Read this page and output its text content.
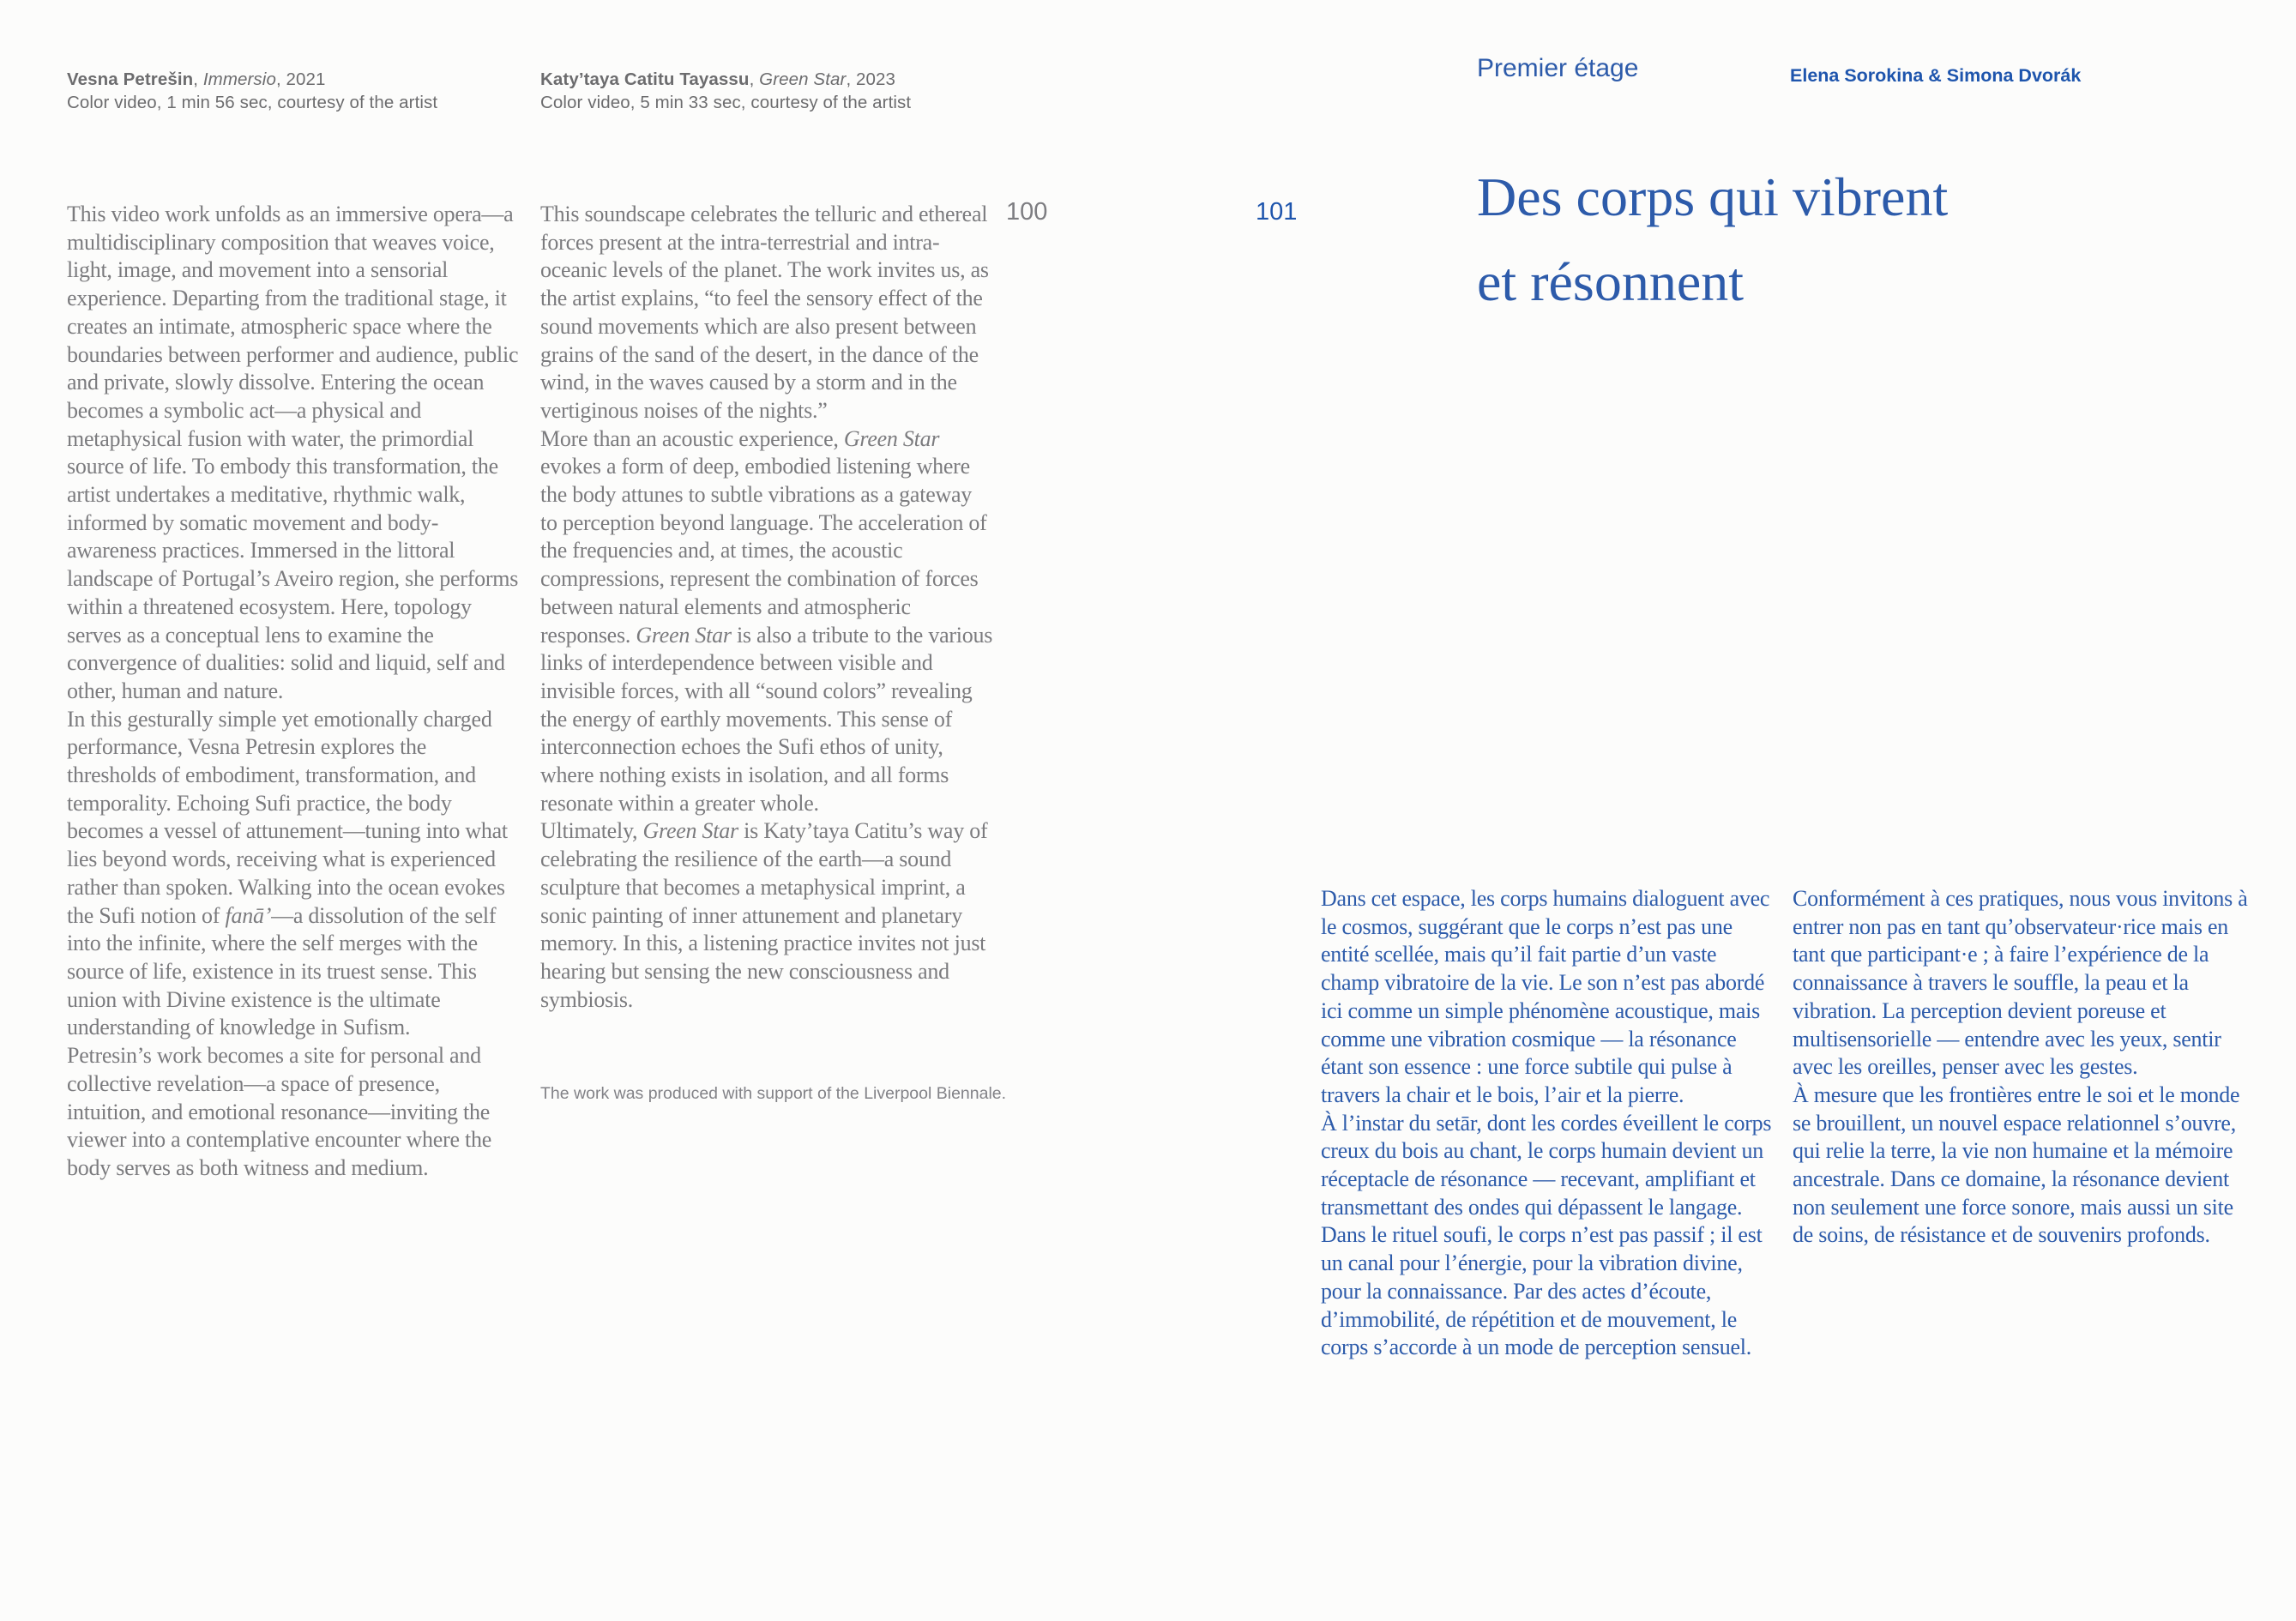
Vesna Petrešin, Immersio, 2021
Color video, 1 min 56 sec, courtesy of the artist
Katy’taya Catitu Tayassu, Green Star, 2023
Color video, 5 min 33 sec, courtesy of the artist
Premier étage	Elena Sorokina & Simona Dvorák
100	101	Des corps qui vibrent

et résonnent

This video work unfolds as an immersive opera—a multidisciplinary composition that weaves voice, light, image, and movement into a sensorial experience. Departing from the traditional stage, it creates an intimate, atmospheric space where the boundaries between performer and audience, public and private, slowly dissolve. Entering the ocean becomes a symbolic act—a physical and metaphysical fusion with water, the primordial source of life. To embody this transformation, the artist undertakes a meditative, rhythmic walk, informed by somatic movement and body-awareness practices. Immersed in the littoral landscape of Portugal’s Aveiro region, she performs within a threatened ecosystem. Here, topology serves as a conceptual lens to examine the convergence of dualities: solid and liquid, self and other, human and nature.

In this gesturally simple yet emotionally charged performance, Vesna Petresin explores the thresholds of embodiment, transformation, and temporality. Echoing Sufi practice, the body becomes a vessel of attunement—tuning into what lies beyond words, receiving what is experienced rather than spoken. Walking into the ocean evokes the Sufi notion of fanā’—a dissolution of the self into the infinite, where the self merges with the source of life, existence in its truest sense. This union with Divine existence is the ultimate understanding of knowledge in Sufism.

Petresin’s work becomes a site for personal and collective revelation—a space of presence, intuition, and emotional resonance—inviting the viewer into a contemplative encounter where the body serves as both witness and medium.

This soundscape celebrates the telluric and ethereal forces present at the intra-terrestrial and intra-oceanic levels of the planet. The work invites us, as the artist explains, “to feel the sensory effect of the sound movements which are also present between grains of the sand of the desert, in the dance of the wind, in the waves caused by a storm and in the vertiginous noises of the nights.”

More than an acoustic experience, Green Star evokes a form of deep, embodied listening where the body attunes to subtle vibrations as a gateway to perception beyond language. The acceleration of the frequencies and, at times, the acoustic compressions, represent the combination of forces between natural elements and atmospheric responses. Green Star is also a tribute to the various links of interdependence between visible and invisible forces, with all “sound colors” revealing the energy of earthly movements. This sense of interconnection echoes the Sufi ethos of unity, where nothing exists in isolation, and all forms resonate within a greater whole.

Ultimately, Green Star is Katy’taya Catitu’s way of celebrating the resilience of the earth—a sound sculpture that becomes a metaphysical imprint, a sonic painting of inner attunement and planetary memory. In this, a listening practice invites not just hearing but sensing the new consciousness and symbiosis.

The work was produced with support of the Liverpool Biennale.

Dans cet espace, les corps humains dialoguent avec le cosmos, suggérant que le corps n’est pas une entité scellée, mais qu’il fait partie d’un vaste champ vibratoire de la vie. Le son n’est pas abordé ici comme un simple phénomène acoustique, mais comme une vibration cosmique — la résonance étant son essence : une force subtile qui pulse à travers la chair et le bois, l’air et la pierre.

À l’instar du setār, dont les cordes éveillent le corps creux du bois au chant, le corps humain devient un réceptacle de résonance — recevant, amplifiant et transmettant des ondes qui dépassent le langage.

Dans le rituel soufi, le corps n’est pas passif ; il est un canal pour l’énergie, pour la vibration divine, pour la connaissance. Par des actes d’écoute, d’immobilité, de répétition et de mouvement, le corps s’accorde à un mode de perception sensuel.

Conformément à ces pratiques, nous vous invitons à entrer non pas en tant qu’observateur·rice mais en tant que participant·e ; à faire l’expérience de la connaissance à travers le souffle, la peau et la vibration. La perception devient poreuse et multisensorielle — entendre avec les yeux, sentir avec les oreilles, penser avec les gestes.

À mesure que les frontières entre le soi et le monde se brouillent, un nouvel espace relationnel s’ouvre, qui relie la terre, la vie non humaine et la mémoire ancestrale. Dans ce domaine, la résonance devient non seulement une force sonore, mais aussi un site de soins, de résistance et de souvenirs profonds.
